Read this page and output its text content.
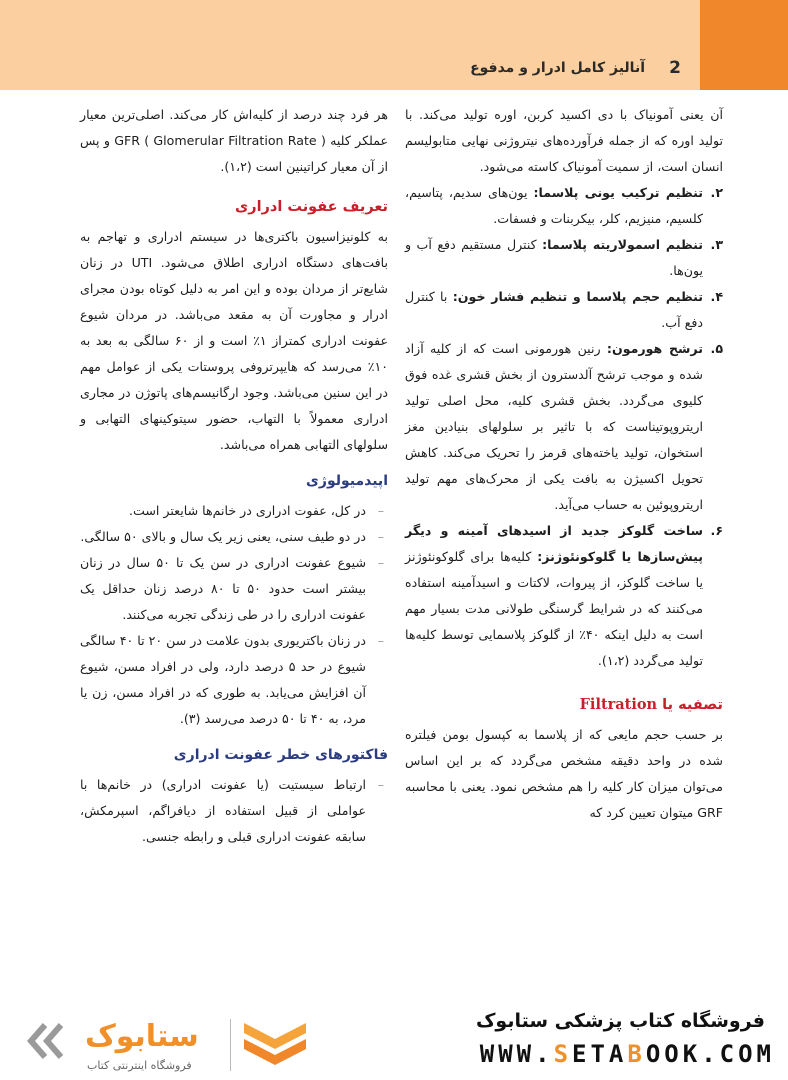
2
آنالیز کامل ادرار و مدفوع

آن یعنی آمونیاک با دی اکسید کربن، اوره تولید می‌کند. با تولید اوره که از جمله فرآورده‌های نیتروژنی نهایی متابولیسم انسان است، از سمیت آمونیاک کاسته می‌شود.

۲.
تنظیم ترکیب یونی پلاسما: یون‌های سدیم، پتاسیم، کلسیم، منیزیم، کلر، بیکربنات و فسفات.

۳.
تنظیم اسمولاریته پلاسما: کنترل مستقیم دفع آب و یون‌ها.

۴.
تنظیم حجم پلاسما و تنظیم فشار خون: با کنترل دفع آب.

۵.
ترشح هورمون: رنین هورمونی است که از کلیه آزاد شده و موجب ترشح آلدسترون از بخش قشری غده فوق کلیوی می‌گردد. بخش قشری کلیه، محل اصلی تولید اریتروپوتیناست که با تاثیر بر سلولهای بنیادین مغز استخوان، تولید یاخته‌های قرمز را تحریک می‌کند. کاهش تحویل اکسیژن به بافت یکی از محرک‌های مهم تولید اریتروپوئین به حساب می‌آید.

۶.
ساخت گلوکز جدید از اسیدهای آمینه و دیگر پیش‌سازها یا گلوکونئوژنز: کلیه‌ها برای گلوکونئوژنز یا ساخت گلوکز، از پیروات، لاکتات و اسیدآمینه استفاده می‌کنند که در شرایط گرسنگی طولانی مدت بسیار مهم است به دلیل اینکه ۴۰٪ از گلوکز پلاسمایی توسط کلیه‌ها تولید می‌گردد (۱،۲).

تصفیه یا Filtration

بر حسب حجم مایعی که از پلاسما به کپسول بومن فیلتره شده در واحد دقیقه مشخص می‌گردد که بر این اساس می‌توان میزان کار کلیه را هم مشخص نمود. یعنی با محاسبه GRF میتوان تعیین کرد که

هر فرد چند درصد از کلیه‌اش کار می‌کند. اصلی‌ترین معیار عملکر کلیه GFR ( Glomerular Filtration Rate ) و پس از آن معیار کراتینین است (۱،۲).

تعریف عفونت ادراری

به کلونیزاسیون باکتری‌ها در سیستم ادراری و تهاجم به بافت‌های دستگاه ادراری اطلاق می‌شود. UTI در زنان شایع‌تر از مردان بوده و این امر به دلیل کوتاه بودن مجرای ادرار و مجاورت آن به مقعد می‌باشد. در مردان شیوع عفونت ادراری کمتراز ۱٪ است و از ۶۰ سالگی به بعد به ۱۰٪ می‌رسد که هایپرتروفی پروستات یکی از عوامل مهم در این سنین می‌باشد. وجود ارگانیسم‌های پاتوژن در مجاری ادراری معمولاً با التهاب، حضور سیتوکینهای التهابی و سلولهای التهابی همراه می‌باشد.

اپیدمیولوژی

– در کل، عفوت ادراری در خانم‌ها شایعتر است.

– در دو طیف سنی، یعنی زیر یک سال و بالای ۵۰ سالگی.

– شیوع عفونت ادراری در سن یک تا ۵۰ سال در زنان بیشتر است حدود ۵۰ تا ۸۰ درصد زنان حداقل یک عفونت ادراری را در طی زندگی تجربه می‌کنند.

– در زنان باکتریوری بدون علامت در سن ۲۰ تا ۴۰ سالگی شیوع در حد ۵ درصد دارد، ولی در افراد مسن، شیوع آن افزایش می‌یابد. به طوری که در افراد مسن، زن یا مرد، به ۴۰ تا ۵۰ درصد می‌رسد (۳).

فاکتورهای خطر عفونت ادراری

– ارتباط سیستیت (یا عفونت ادراری) در خانم‌ها با عواملی از قبیل استفاده از دیافراگم، اسپرمکش، سابقه عفونت ادراری قبلی و رابطه جنسی.

فروشگاه کتاب پزشکی ستابوک
WWW.SETABOOK.COM
ستابوک
فروشگاه اینترنتی کتاب
